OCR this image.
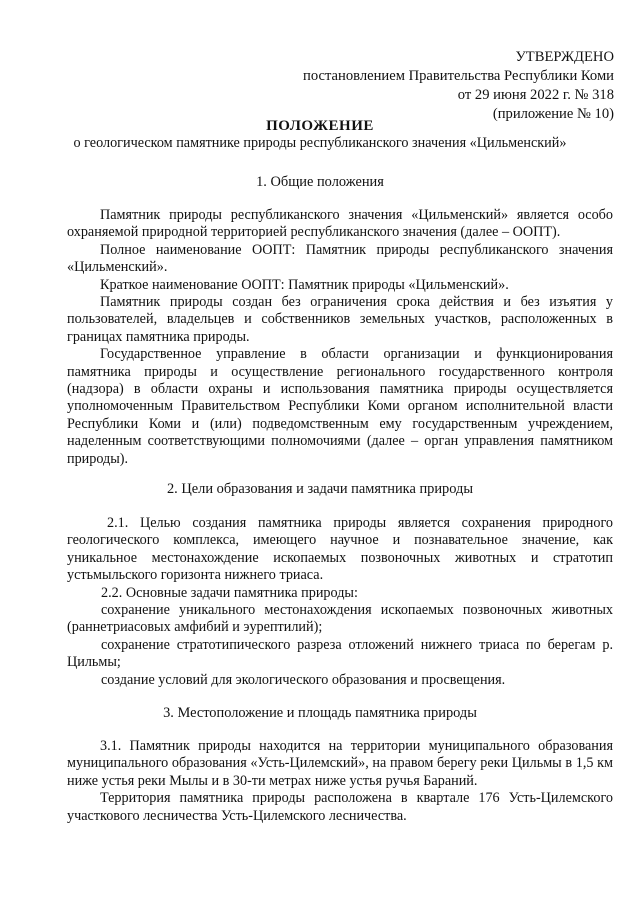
УТВЕРЖДЕНО
постановлением Правительства Республики Коми
от 29 июня 2022 г. № 318
(приложение № 10)
ПОЛОЖЕНИЕ
о геологическом памятнике природы республиканского значения «Цильменский»
1. Общие положения

Памятник природы республиканского значения «Цильменский» является особо охраняемой природной территорией республиканского значения (далее – ООПТ).

Полное наименование ООПТ: Памятник природы республиканского значения «Цильменский».

Краткое наименование ООПТ: Памятник природы «Цильменский».

Памятник природы создан без ограничения срока действия и без изъятия у пользователей, владельцев и собственников земельных участков, расположенных в границах памятника природы.

Государственное управление в области организации и функционирования памятника природы и осуществление регионального государственного контроля (надзора) в области охраны и использования памятника природы осуществляется уполномоченным Правительством Республики Коми органом исполнительной власти Республики Коми и (или) подведомственным ему государственным учреждением, наделенным соответствующими полномочиями (далее – орган управления памятником природы).

2. Цели образования и задачи памятника природы

2.1. Целью создания памятника природы является сохранения природного геологического комплекса, имеющего научное и познавательное значение, как уникальное местонахождение ископаемых позвоночных животных и стратотип устьмыльского горизонта нижнего триаса.

2.2. Основные задачи памятника природы:

сохранение уникального местонахождения ископаемых позвоночных животных (раннетриасовых амфибий и эурептилий);

сохранение стратотипического разреза отложений нижнего триаса по берегам р. Цильмы;

создание условий для экологического образования и просвещения.

3. Местоположение и площадь памятника природы

3.1. Памятник природы находится на территории муниципального образования муниципального образования «Усть-Цилемский», на правом берегу реки Цильмы в 1,5 км ниже устья реки Мылы и в 30-ти метрах ниже устья ручья Бараний.

Территория памятника природы расположена в квартале 176 Усть-Цилемского участкового лесничества Усть-Цилемского лесничества.
